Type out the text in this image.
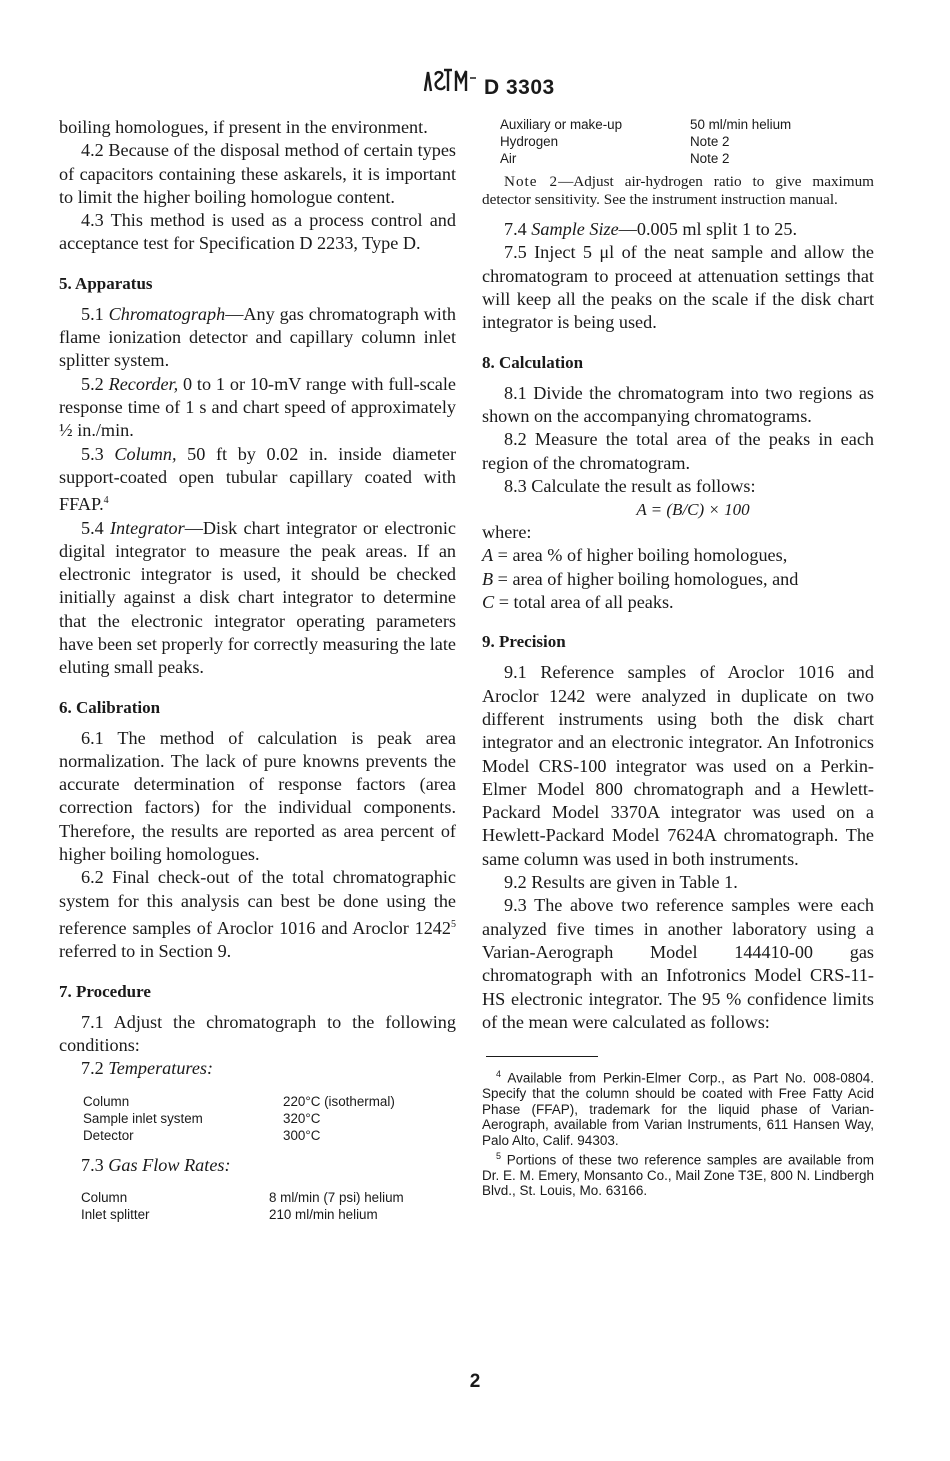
D 3303

boiling homologues, if present in the environment.

4.2 Because of the disposal method of certain types of capacitors containing these askarels, it is important to limit the higher boiling homologue content.

4.3 This method is used as a process control and acceptance test for Specification D 2233, Type D.

5. Apparatus

5.1 Chromatograph—Any gas chromatograph with flame ionization detector and capillary column inlet splitter system.

5.2 Recorder, 0 to 1 or 10-mV range with full-scale response time of 1 s and chart speed of approximately ½ in./min.

5.3 Column, 50 ft by 0.02 in. inside diameter support-coated open tubular capillary coated with FFAP.$^4$

5.4 Integrator—Disk chart integrator or electronic digital integrator to measure the peak areas. If an electronic integrator is used, it should be checked initially against a disk chart integrator to determine that the electronic integrator operating parameters have been set properly for correctly measuring the late eluting small peaks.

6. Calibration

6.1 The method of calculation is peak area normalization. The lack of pure knowns prevents the accurate determination of response factors (area correction factors) for the individual components. Therefore, the results are reported as area percent of higher boiling homologues.

6.2 Final check-out of the total chromatographic system for this analysis can best be done using the reference samples of Aroclor 1016 and Aroclor 1242$^5$ referred to in Section 9.

7. Procedure

7.1 Adjust the chromatograph to the following conditions:

7.2 Temperatures:

Column	220°C (isothermal)
Sample inlet system	320°C
Detector	300°C

7.3 Gas Flow Rates:

Column	8 ml/min (7 psi) helium
Inlet splitter	210 ml/min helium
Auxiliary or make-up	50 ml/min helium
Hydrogen	Note 2
Air	Note 2

Note 2—Adjust air-hydrogen ratio to give maximum detector sensitivity. See the instrument instruction manual.

7.4 Sample Size—0.005 ml split 1 to 25.

7.5 Inject 5 μl of the neat sample and allow the chromatogram to proceed at attenuation settings that will keep all the peaks on the scale if the disk chart integrator is being used.

8. Calculation

8.1 Divide the chromatogram into two regions as shown on the accompanying chromatograms.

8.2 Measure the total area of the peaks in each region of the chromatogram.

8.3 Calculate the result as follows:

A = (B/C) × 100

where:

A = area % of higher boiling homologues,
B = area of higher boiling homologues, and
C = total area of all peaks.
9. Precision

9.1 Reference samples of Aroclor 1016 and Aroclor 1242 were analyzed in duplicate on two different instruments using both the disk chart integrator and an electronic integrator. An Infotronics Model CRS-100 integrator was used on a Perkin-Elmer Model 800 chromatograph and a Hewlett-Packard Model 3370A integrator was used on a Hewlett-Packard Model 7624A chromatograph. The same column was used in both instruments.

9.2 Results are given in Table 1.

9.3 The above two reference samples were each analyzed five times in another laboratory using a Varian-Aerograph Model 144410-00 gas chromatograph with an Infotronics Model CRS-11-HS electronic integrator. The 95 % confidence limits of the mean were calculated as follows:

$^4$ Available from Perkin-Elmer Corp., as Part No. 008-0804. Specify that the column should be coated with Free Fatty Acid Phase (FFAP), trademark for the liquid phase of Varian-Aerograph, available from Varian Instruments, 611 Hansen Way, Palo Alto, Calif. 94303.

$^5$ Portions of these two reference samples are available from Dr. E. M. Emery, Monsanto Co., Mail Zone T3E, 800 N. Lindbergh Blvd., St. Louis, Mo. 63166.

2
